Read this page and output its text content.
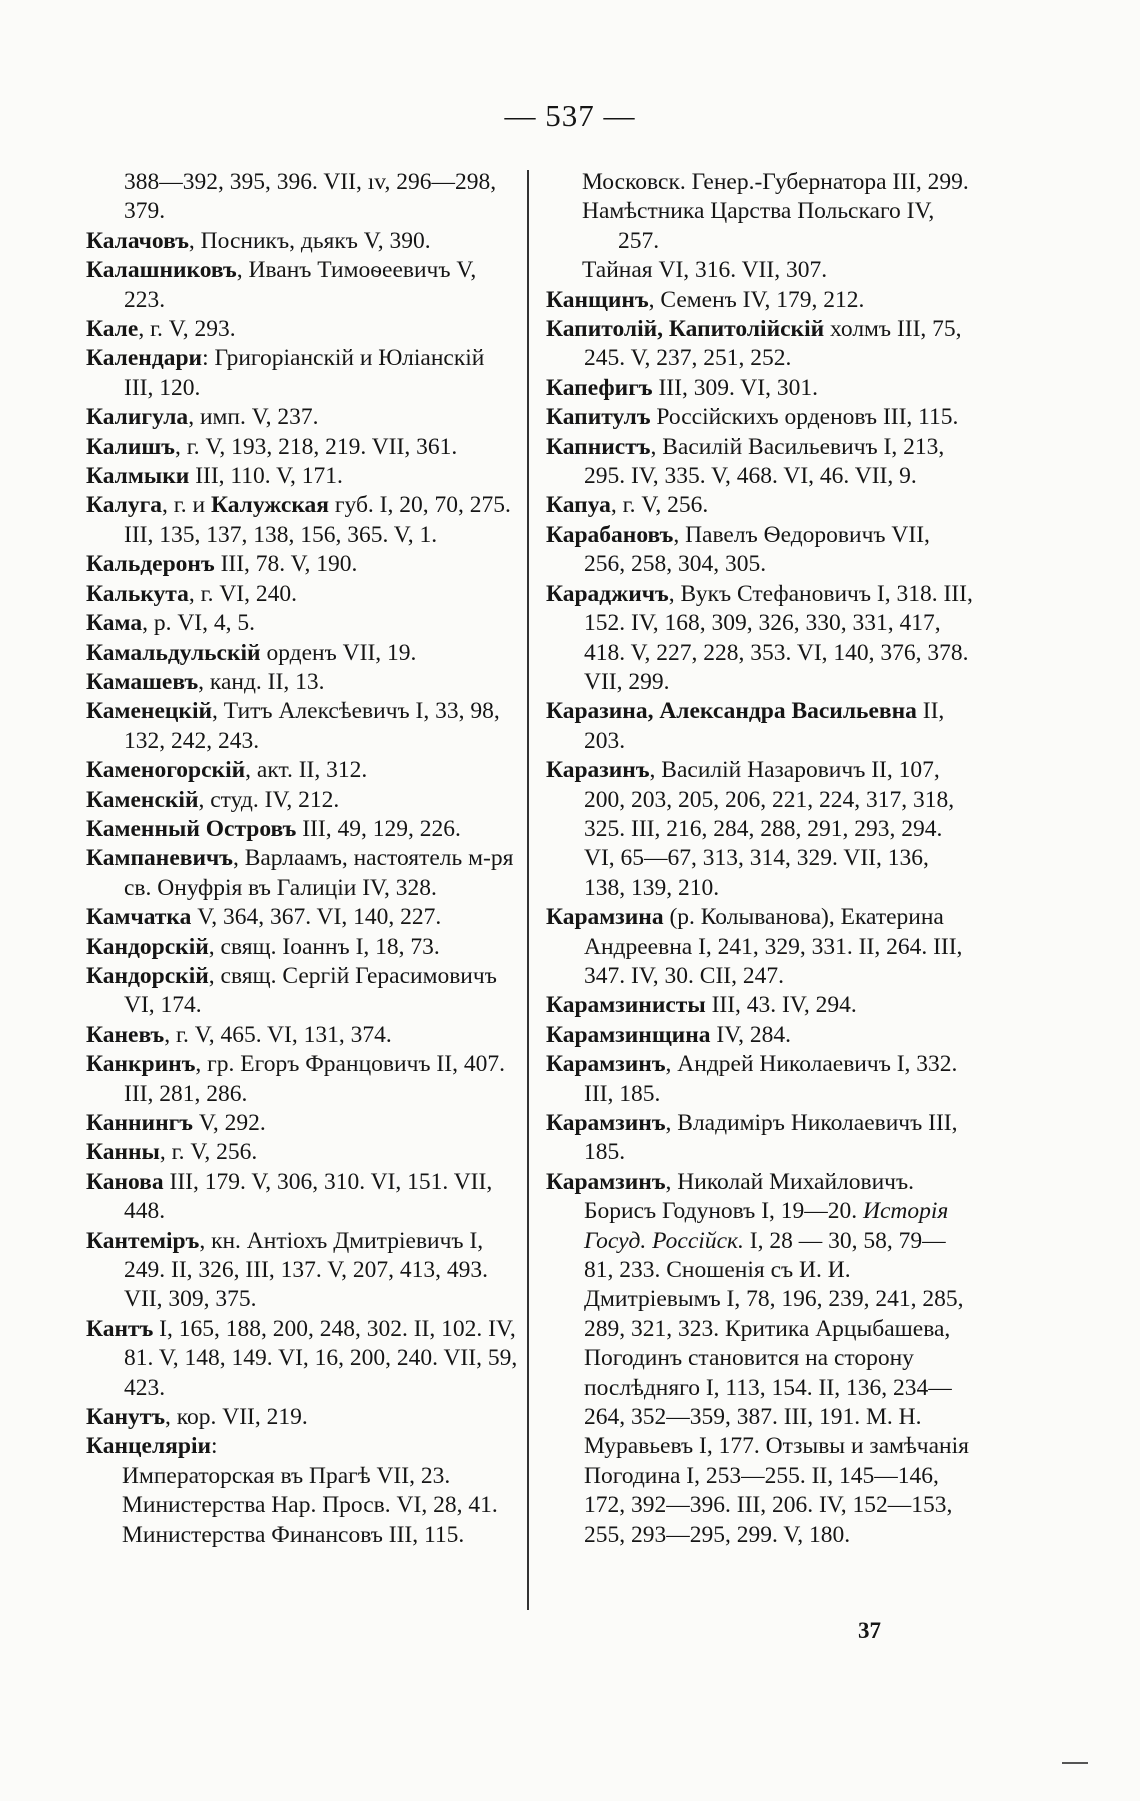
— 537 —
388—392, 395, 396. VII, ıv, 296—298, 379.
Калачовъ, Посникъ, дьякъ V, 390.
Калашниковъ, Иванъ Тимоѳеевичъ V, 223.
Кале, г. V, 293.
Календари: Григоріанскій и Юліанскій III, 120.
Калигула, имп. V, 237.
Калишъ, г. V, 193, 218, 219. VII, 361.
Калмыки III, 110. V, 171.
Калуга, г. и Калужская губ. I, 20, 70, 275. III, 135, 137, 138, 156, 365. V, 1.
Кальдеронъ III, 78. V, 190.
Калькута, г. VI, 240.
Кама, р. VI, 4, 5.
Камальдульскій орденъ VII, 19.
Камашевъ, канд. II, 13.
Каменецкій, Титъ Алексѣевичъ I, 33, 98, 132, 242, 243.
Каменогорскій, акт. II, 312.
Каменскій, студ. IV, 212.
Каменный Островъ III, 49, 129, 226.
Кампаневичъ, Варлаамъ, настоятель м-ря св. Онуфрія въ Галиціи IV, 328.
Камчатка V, 364, 367. VI, 140, 227.
Кандорскій, свящ. Іоаннъ I, 18, 73.
Кандорскій, свящ. Сергій Герасимовичъ VI, 174.
Каневъ, г. V, 465. VI, 131, 374.
Канкринъ, гр. Егоръ Францовичъ II, 407. III, 281, 286.
Каннингъ V, 292.
Канны, г. V, 256.
Канова III, 179. V, 306, 310. VI, 151. VII, 448.
Кантеміръ, кн. Антіохъ Дмитріевичъ I, 249. II, 326, III, 137. V, 207, 413, 493. VII, 309, 375.
Кантъ I, 165, 188, 200, 248, 302. II, 102. IV, 81. V, 148, 149. VI, 16, 200, 240. VII, 59, 423.
Канутъ, кор. VII, 219.
Канцеляріи:
Императорская въ Прагѣ VII, 23.
Министерства Нар. Просв. VI, 28, 41.
Министерства Финансовъ III, 115.
Московск. Генер.-Губернатора III, 299.
Намѣстника Царства Польскаго IV, 257.
Тайная VI, 316. VII, 307.
Канщинъ, Семенъ IV, 179, 212.
Капитолій, Капитолійскій холмъ III, 75, 245. V, 237, 251, 252.
Капефигъ III, 309. VI, 301.
Капитулъ Россійскихъ орденовъ III, 115.
Капнистъ, Василій Васильевичъ I, 213, 295. IV, 335. V, 468. VI, 46. VII, 9.
Капуа, г. V, 256.
Карабановъ, Павелъ Ѳедоровичъ VII, 256, 258, 304, 305.
Караджичъ, Вукъ Стефановичъ I, 318. III, 152. IV, 168, 309, 326, 330, 331, 417, 418. V, 227, 228, 353. VI, 140, 376, 378. VII, 299.
Каразина, Александра Васильевна II, 203.
Каразинъ, Василій Назаровичъ II, 107, 200, 203, 205, 206, 221, 224, 317, 318, 325. III, 216, 284, 288, 291, 293, 294. VI, 65—67, 313, 314, 329. VII, 136, 138, 139, 210.
Карамзина (р. Колыванова), Екатерина Андреевна I, 241, 329, 331. II, 264. III, 347. IV, 30. CII, 247.
Карамзинисты III, 43. IV, 294.
Карамзинщина IV, 284.
Карамзинъ, Андрей Николаевичъ I, 332. III, 185.
Карамзинъ, Владиміръ Николаевичъ III, 185.
Карамзинъ, Николай Михайловичъ. Борисъ Годуновъ I, 19—20. Исторія Госуд. Россійск. I, 28 — 30, 58, 79—81, 233. Сношенія съ И. И. Дмитріевымъ I, 78, 196, 239, 241, 285, 289, 321, 323. Критика Арцыбашева, Погодинъ становится на сторону послѣдняго I, 113, 154. II, 136, 234—264, 352—359, 387. III, 191. М. Н. Муравьевъ I, 177. Отзывы и замѣчанія Погодина I, 253—255. II, 145—146, 172, 392—396. III, 206. IV, 152—153, 255, 293—295, 299. V, 180.
37
